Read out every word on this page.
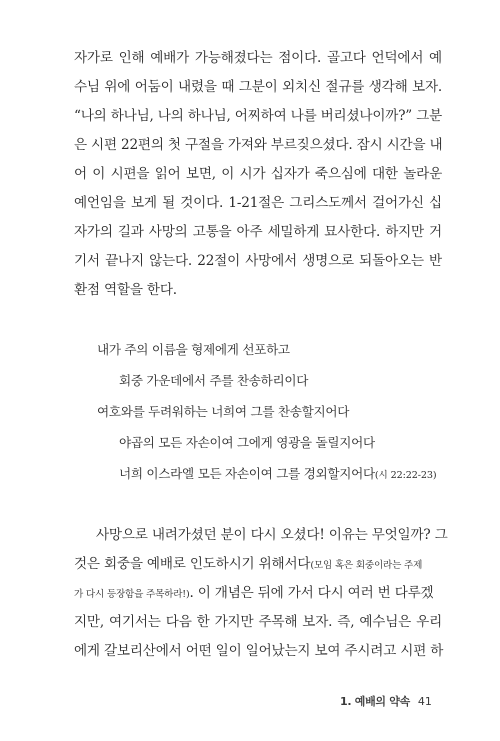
자가로 인해 예배가 가능해졌다는 점이다. 골고다 언덕에서 예
수님 위에 어둠이 내렸을 때 그분이 외치신 절규를 생각해 보자.
“나의 하나님, 나의 하나님, 어찌하여 나를 버리셨나이까?” 그분
은 시편 22편의 첫 구절을 가져와 부르짖으셨다. 잠시 시간을 내
어 이 시편을 읽어 보면, 이 시가 십자가 죽으심에 대한 놀라운
예언임을 보게 될 것이다. 1-21절은 그리스도께서 걸어가신 십
자가의 길과 사망의 고통을 아주 세밀하게 묘사한다. 하지만 거
기서 끝나지 않는다. 22절이 사망에서 생명으로 되돌아오는 반
환점 역할을 한다.
내가 주의 이름을 형제에게 선포하고
회중 가운데에서 주를 찬송하리이다
여호와를 두려워하는 너희여 그를 찬송할지어다
야곱의 모든 자손이여 그에게 영광을 돌릴지어다
너희 이스라엘 모든 자손이여 그를 경외할지어다(시 22:22-23)
사망으로 내려가셨던 분이 다시 오셨다! 이유는 무엇일까? 그
것은 회중을 예배로 인도하시기 위해서다(모임 혹은 회중이라는 주제
가 다시 등장함을 주목하라!). 이 개념은 뒤에 가서 다시 여러 번 다루겠
지만, 여기서는 다음 한 가지만 주목해 보자. 즉, 예수님은 우리
에게 갈보리산에서 어떤 일이 일어났는지 보여 주시려고 시편 하
1. 예배의 약속 41
